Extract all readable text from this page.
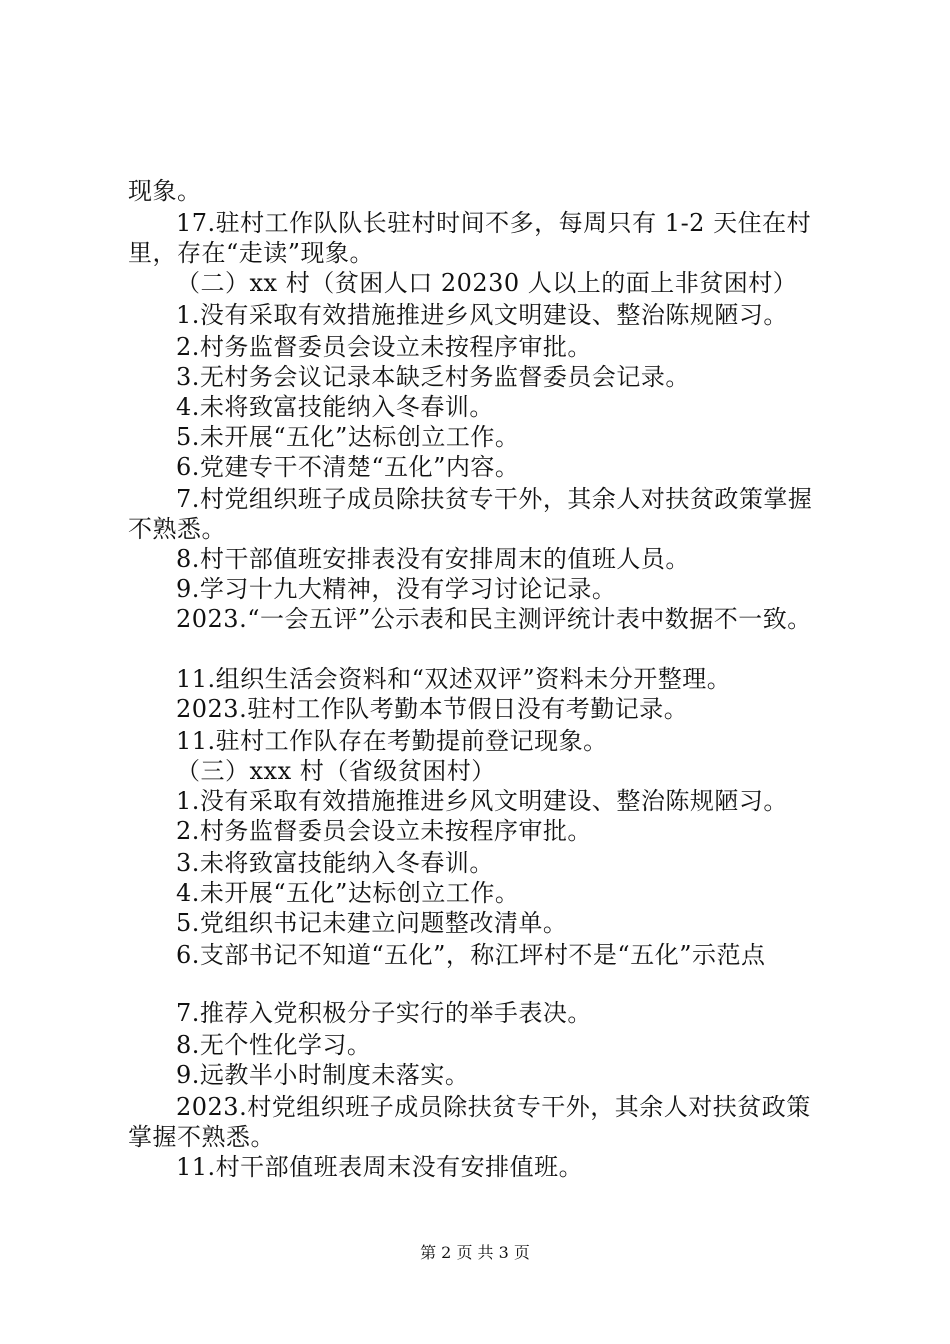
现象。
17.驻村工作队队长驻村时间不多，每周只有 1-2 天住在村
里，存在“走读”现象。
（二）xx 村（贫困人口 20230 人以上的面上非贫困村）
1.没有采取有效措施推进乡风文明建设、整治陈规陋习。
2.村务监督委员会设立未按程序审批。
3.无村务会议记录本缺乏村务监督委员会记录。
4.未将致富技能纳入冬春训。
5.未开展“五化”达标创立工作。
6.党建专干不清楚“五化”内容。
7.村党组织班子成员除扶贫专干外，其余人对扶贫政策掌握
不熟悉。
8.村干部值班安排表没有安排周末的值班人员。
9.学习十九大精神，没有学习讨论记录。
2023.“一会五评”公示表和民主测评统计表中数据不一致。
11.组织生活会资料和“双述双评”资料未分开整理。
2023.驻村工作队考勤本节假日没有考勤记录。
11.驻村工作队存在考勤提前登记现象。
（三）xxx 村（省级贫困村）
1.没有采取有效措施推进乡风文明建设、整治陈规陋习。
2.村务监督委员会设立未按程序审批。
3.未将致富技能纳入冬春训。
4.未开展“五化”达标创立工作。
5.党组织书记未建立问题整改清单。
6.支部书记不知道“五化”，称江坪村不是“五化”示范点
7.推荐入党积极分子实行的举手表决。
8.无个性化学习。
9.远教半小时制度未落实。
2023.村党组织班子成员除扶贫专干外，其余人对扶贫政策
掌握不熟悉。
11.村干部值班表周末没有安排值班。
第 2 页 共 3 页
